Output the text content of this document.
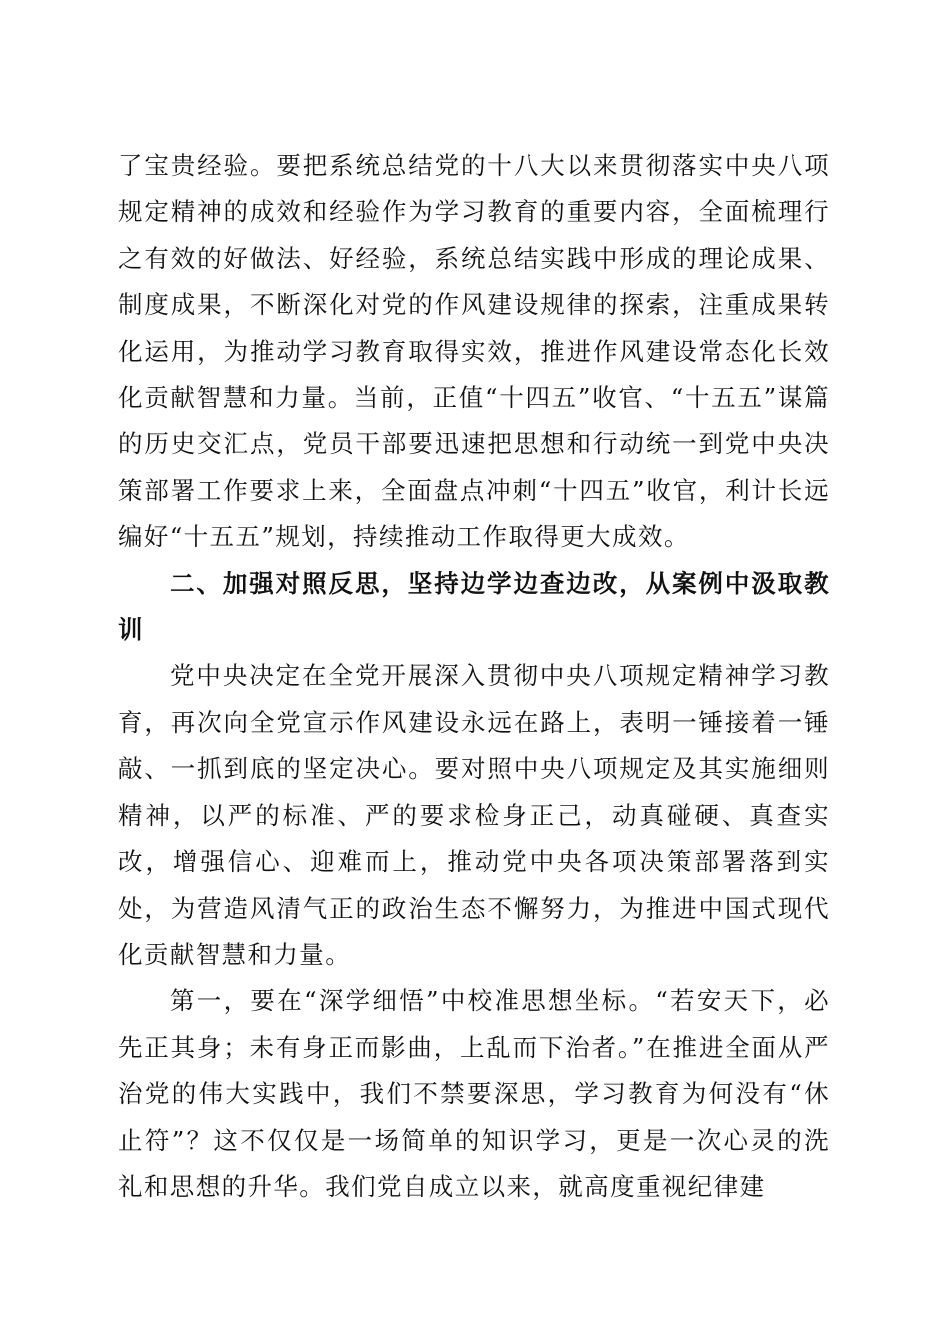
了宝贵经验。要把系统总结党的十八大以来贯彻落实中央八项规定精神的成效和经验作为学习教育的重要内容，全面梳理行之有效的好做法、好经验，系统总结实践中形成的理论成果、制度成果，不断深化对党的作风建设规律的探索，注重成果转化运用，为推动学习教育取得实效，推进作风建设常态化长效化贡献智慧和力量。当前，正值“十四五”收官、“十五五”谋篇的历史交汇点，党员干部要迅速把思想和行动统一到党中央决策部署工作要求上来，全面盘点冲刺“十四五”收官，利计长远编好“十五五”规划，持续推动工作取得更大成效。

二、加强对照反思，坚持边学边查边改，从案例中汲取教训

党中央决定在全党开展深入贯彻中央八项规定精神学习教育，再次向全党宣示作风建设永远在路上，表明一锤接着一锤敲、一抓到底的坚定决心。要对照中央八项规定及其实施细则精神，以严的标准、严的要求检身正己，动真碰硬、真查实改，增强信心、迎难而上，推动党中央各项决策部署落到实处，为营造风清气正的政治生态不懈努力，为推进中国式现代化贡献智慧和力量。

第一，要在“深学细悟”中校准思想坐标。“若安天下，必先正其身；未有身正而影曲，上乱而下治者。”在推进全面从严治党的伟大实践中，我们不禁要深思，学习教育为何没有“休止符”？这不仅仅是一场简单的知识学习，更是一次心灵的洗礼和思想的升华。我们党自成立以来，就高度重视纪律建
